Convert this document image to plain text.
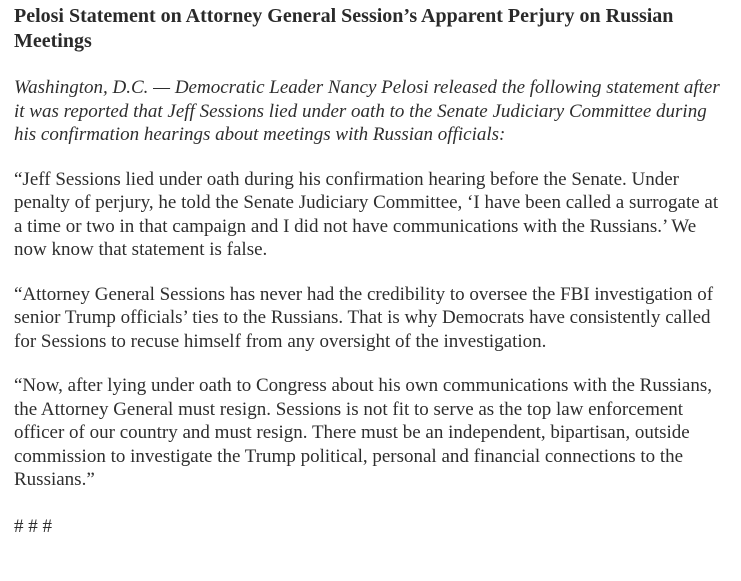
Pelosi Statement on Attorney General Session’s Apparent Perjury on Russian Meetings

Washington, D.C. — Democratic Leader Nancy Pelosi released the following statement after it was reported that Jeff Sessions lied under oath to the Senate Judiciary Committee during his confirmation hearings about meetings with Russian officials:

“Jeff Sessions lied under oath during his confirmation hearing before the Senate. Under penalty of perjury, he told the Senate Judiciary Committee, ‘I have been called a surrogate at a time or two in that campaign and I did not have communications with the Russians.’ We now know that statement is false.

“Attorney General Sessions has never had the credibility to oversee the FBI investigation of senior Trump officials’ ties to the Russians. That is why Democrats have consistently called for Sessions to recuse himself from any oversight of the investigation.

“Now, after lying under oath to Congress about his own communications with the Russians, the Attorney General must resign. Sessions is not fit to serve as the top law enforcement officer of our country and must resign. There must be an independent, bipartisan, outside commission to investigate the Trump political, personal and financial connections to the Russians.”

# # #
